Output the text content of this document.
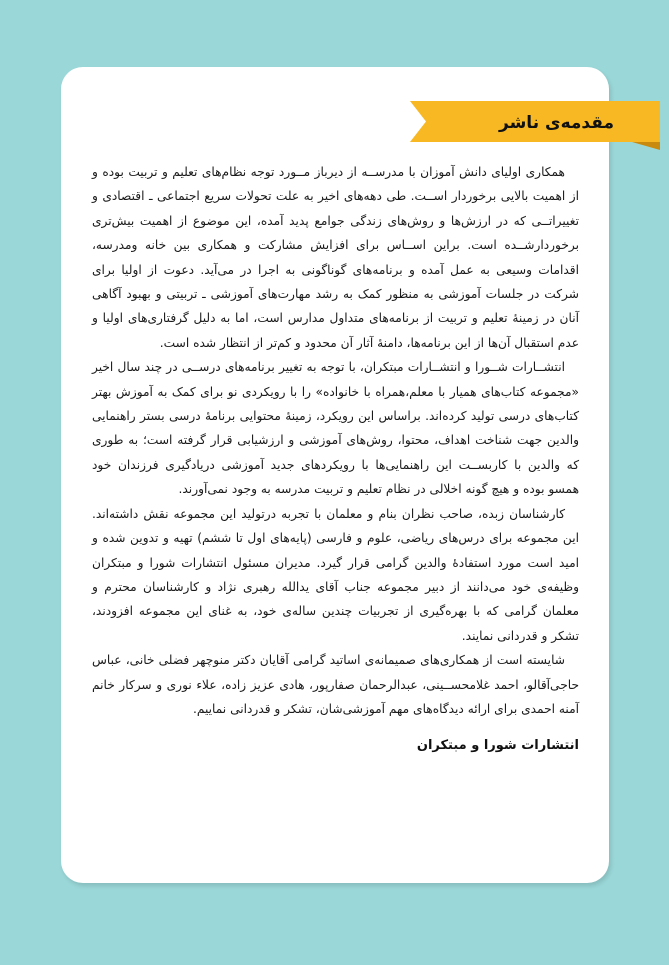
مقدمه‌ی ناشر

همکاری اولیای دانش آموزان با مدرســه از دیرباز مــورد توجه نظام‌های تعلیم و تربیت بوده و از اهمیت بالایی برخوردار اســت. طی دهه‌های اخیر به علت تحولات سریع اجتماعی ـ اقتصادی و تغییراتــی که در ارزش‌ها و روش‌های زندگی جوامع پدید آمده، این موضوع از اهمیت بیش‌تری برخوردارشــده است. براین اســاس برای افزایش مشارکت و همکاری بین خانه ومدرسه، اقدامات وسیعی به عمل آمده و برنامه‌های گوناگونی به اجرا در می‌آید. دعوت از اولیا برای شرکت در جلسات آموزشی به منظور کمک به رشد مهارت‌های آموزشی ـ تربیتی و بهبود آگاهی آنان در زمینهٔ تعلیم و تربیت از برنامه‌های متداول مدارس است، اما به دلیل گرفتاری‌های اولیا و عدم استقبال آن‌ها از این برنامه‌ها، دامنهٔ آثار آن محدود و کم‌تر از انتظار شده است.

انتشــارات شــورا و انتشــارات مبتکران، با توجه به تغییر برنامه‌های درســی در چند سال اخیر «مجموعه کتاب‌های همیار با معلم،همراه با خانواده» را با رویکردی نو برای کمک به آموزش بهتر کتاب‌های درسی تولید کرده‌اند. براساس این رویکرد، زمینهٔ محتوایی برنامهٔ درسی بستر راهنمایی والدین جهت شناخت اهداف، محتوا، روش‌های آموزشی و ارزشیابی قرار گرفته است؛ به طوری که والدین با کاربســت این راهنمایی‌ها با رویکردهای جدید آموزشی دریادگیری فرزندان خود همسو بوده و هیچ گونه اخلالی در نظام تعلیم و تربیت مدرسه به وجود نمی‌آورند.

کارشناسان زبده، صاحب نظران بنام و معلمان با تجربه درتولید این مجموعه نقش داشته‌اند. این مجموعه برای درس‌های ریاضی، علوم و فارسی (پایه‌های اول تا ششم) تهیه و تدوین شده و امید است مورد استفادهٔ والدین گرامی قرار گیرد. مدیران مسئول انتشارات شورا و مبتکران وظیفه‌ی خود می‌دانند از دبیر مجموعه جناب آقای یدالله رهبری نژاد و کارشناسان محترم و معلمان گرامی که با بهره‌گیری از تجربیات چندین ساله‌ی خود، به غنای این مجموعه افزودند، تشکر و قدردانی نمایند.

شایسته است از همکاری‌های صمیمانه‌ی اساتید گرامی آقایان دکتر منوچهر فضلی خانی، عباس حاجی‌آقالو، احمد غلامحســینی، عبدالرحمان صفارپور، هادی عزیز زاده، علاء نوری و سرکار خانم آمنه احمدی برای ارائه دیدگاه‌های مهم آموزشی‌شان، تشکر و قدردانی نماییم.

انتشارات شورا و مبتکران
